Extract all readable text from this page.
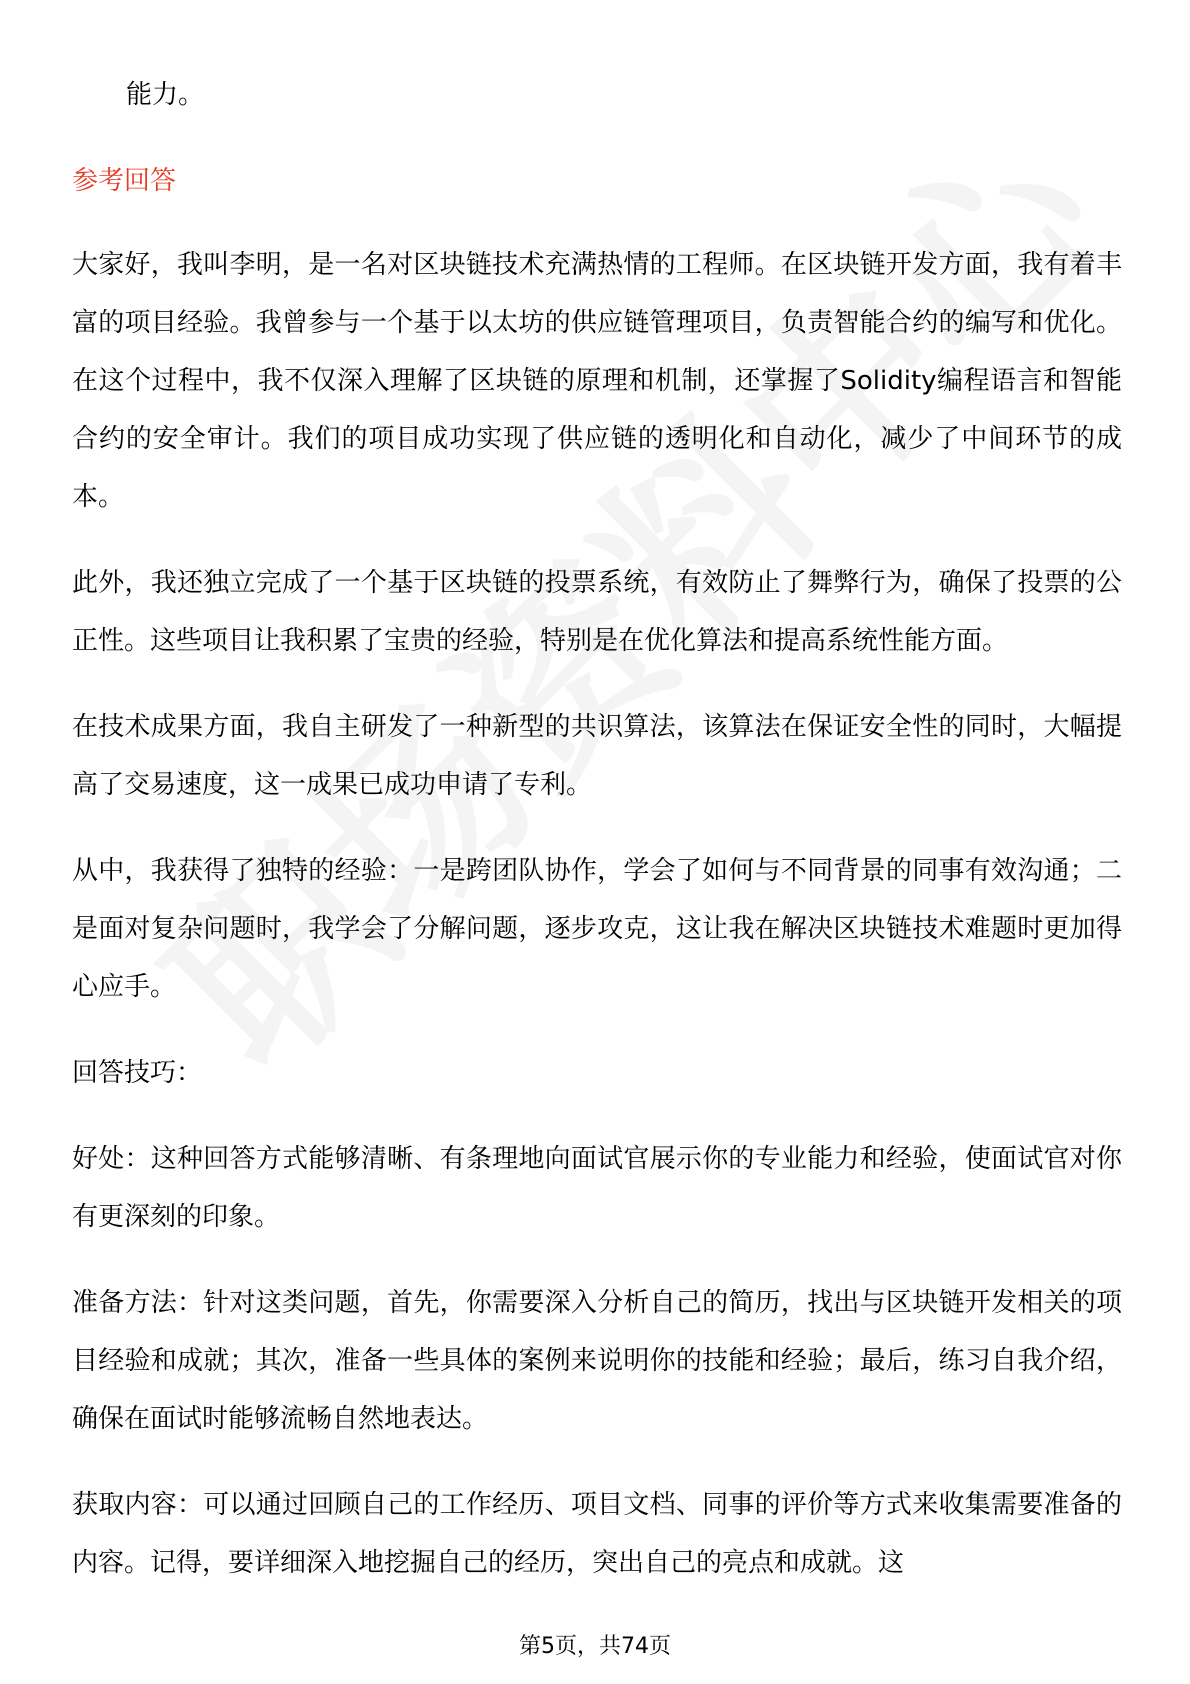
能力。

参考回答

大家好，我叫李明，是一名对区块链技术充满热情的工程师。在区块链开发方面，我有着丰富的项目经验。我曾参与一个基于以太坊的供应链管理项目，负责智能合约的编写和优化。在这个过程中，我不仅深入理解了区块链的原理和机制，还掌握了Solidity编程语言和智能合约的安全审计。我们的项目成功实现了供应链的透明化和自动化，减少了中间环节的成本。

此外，我还独立完成了一个基于区块链的投票系统，有效防止了舞弊行为，确保了投票的公正性。这些项目让我积累了宝贵的经验，特别是在优化算法和提高系统性能方面。

在技术成果方面，我自主研发了一种新型的共识算法，该算法在保证安全性的同时，大幅提高了交易速度，这一成果已成功申请了专利。

从中，我获得了独特的经验：一是跨团队协作，学会了如何与不同背景的同事有效沟通；二是面对复杂问题时，我学会了分解问题，逐步攻克，这让我在解决区块链技术难题时更加得心应手。

回答技巧：

好处：这种回答方式能够清晰、有条理地向面试官展示你的专业能力和经验，使面试官对你有更深刻的印象。

准备方法：针对这类问题，首先，你需要深入分析自己的简历，找出与区块链开发相关的项目经验和成就；其次，准备一些具体的案例来说明你的技能和经验；最后，练习自我介绍，确保在面试时能够流畅自然地表达。

获取内容：可以通过回顾自己的工作经历、项目文档、同事的评价等方式来收集需要准备的内容。记得，要详细深入地挖掘自己的经历，突出自己的亮点和成就。这

第5页，共74页
